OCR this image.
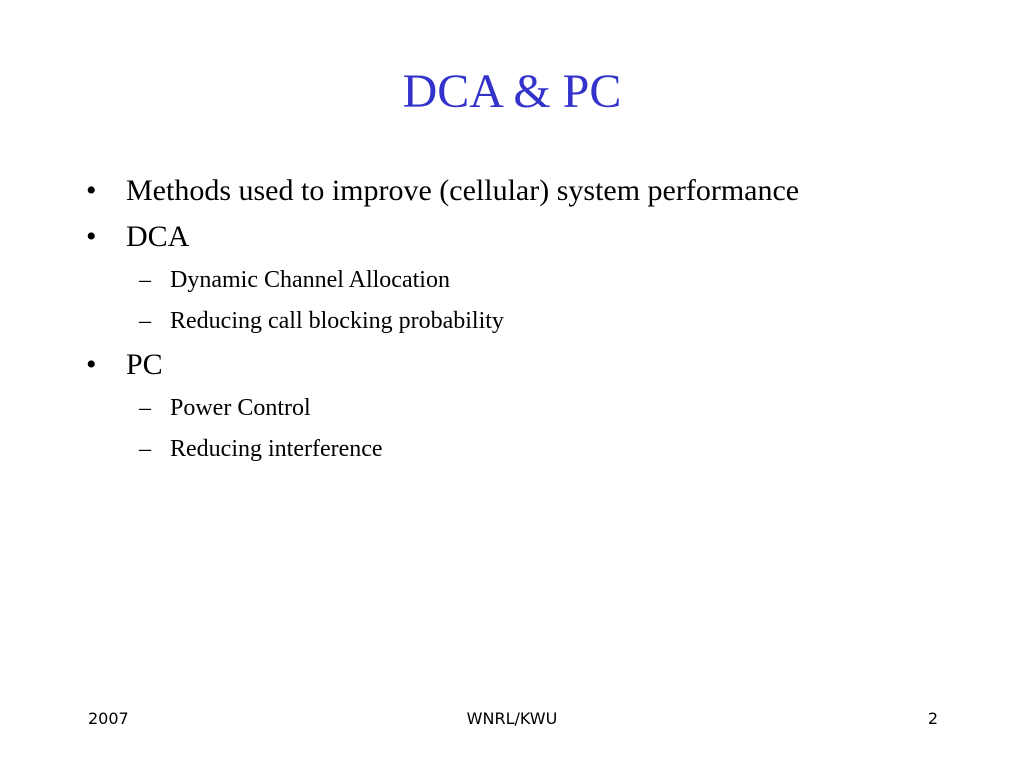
DCA & PC
• Methods used to improve (cellular) system performance
• DCA
– Dynamic Channel Allocation
– Reducing call blocking probability
• PC
– Power Control
– Reducing interference
2007	WNRL/KWU	2
